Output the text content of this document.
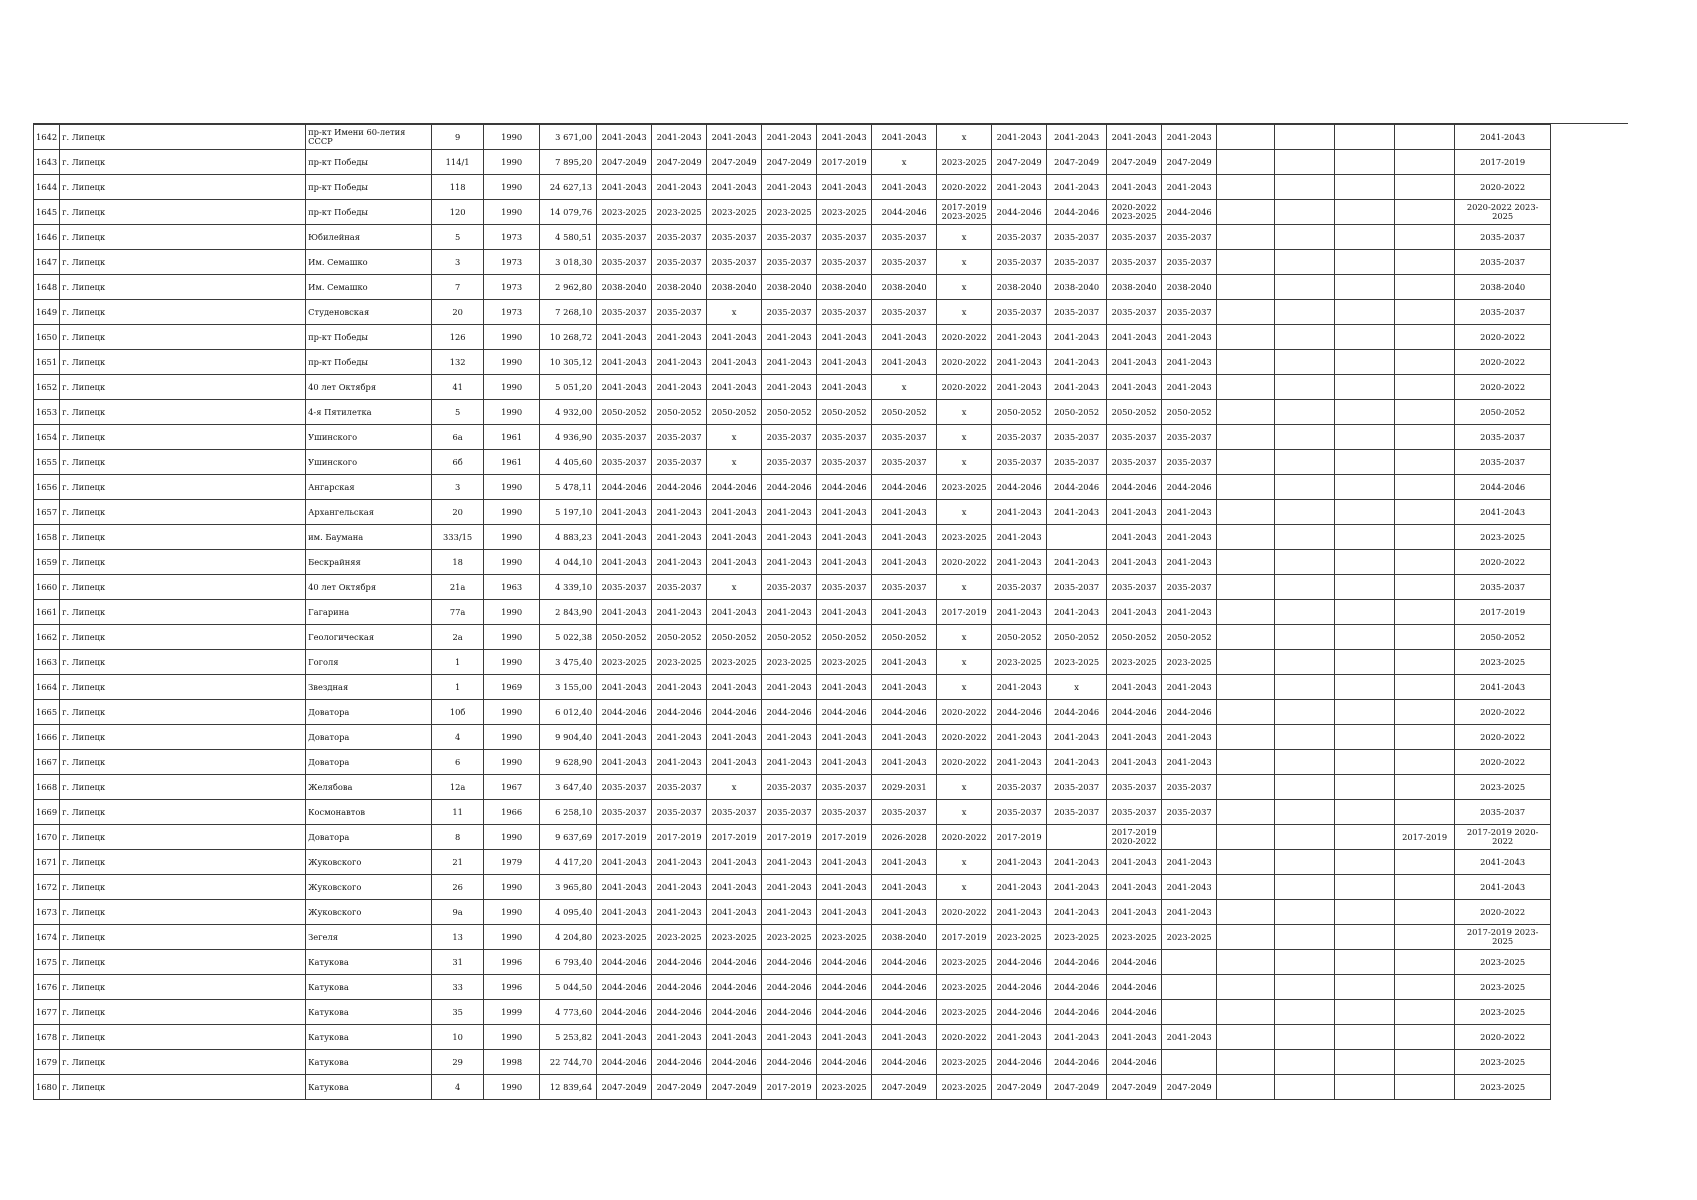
1642	г. Липецк	пр-кт Имени 60-летия СССР	9	1990	3 671,00	2041-2043	2041-2043	2041-2043	2041-2043	2041-2043	2041-2043	х	2041-2043	2041-2043	2041-2043	2041-2043					2041-2043
1643	г. Липецк	пр-кт Победы	114/1	1990	7 895,20	2047-2049	2047-2049	2047-2049	2047-2049	2017-2019	х	2023-2025	2047-2049	2047-2049	2047-2049	2047-2049					2017-2019
1644	г. Липецк	пр-кт Победы	118	1990	24 627,13	2041-2043	2041-2043	2041-2043	2041-2043	2041-2043	2041-2043	2020-2022	2041-2043	2041-2043	2041-2043	2041-2043					2020-2022
1645	г. Липецк	пр-кт Победы	120	1990	14 079,76	2023-2025	2023-2025	2023-2025	2023-2025	2023-2025	2044-2046	2017-2019 2023-2025	2044-2046	2044-2046	2020-2022 2023-2025	2044-2046					2020-2022 2023-2025
1646	г. Липецк	Юбилейная	5	1973	4 580,51	2035-2037	2035-2037	2035-2037	2035-2037	2035-2037	2035-2037	х	2035-2037	2035-2037	2035-2037	2035-2037					2035-2037
1647	г. Липецк	Им. Семашко	3	1973	3 018,30	2035-2037	2035-2037	2035-2037	2035-2037	2035-2037	2035-2037	х	2035-2037	2035-2037	2035-2037	2035-2037					2035-2037
1648	г. Липецк	Им. Семашко	7	1973	2 962,80	2038-2040	2038-2040	2038-2040	2038-2040	2038-2040	2038-2040	х	2038-2040	2038-2040	2038-2040	2038-2040					2038-2040
1649	г. Липецк	Студеновская	20	1973	7 268,10	2035-2037	2035-2037	х	2035-2037	2035-2037	2035-2037	х	2035-2037	2035-2037	2035-2037	2035-2037					2035-2037
1650	г. Липецк	пр-кт Победы	126	1990	10 268,72	2041-2043	2041-2043	2041-2043	2041-2043	2041-2043	2041-2043	2020-2022	2041-2043	2041-2043	2041-2043	2041-2043					2020-2022
1651	г. Липецк	пр-кт Победы	132	1990	10 305,12	2041-2043	2041-2043	2041-2043	2041-2043	2041-2043	2041-2043	2020-2022	2041-2043	2041-2043	2041-2043	2041-2043					2020-2022
1652	г. Липецк	40 лет Октября	41	1990	5 051,20	2041-2043	2041-2043	2041-2043	2041-2043	2041-2043	х	2020-2022	2041-2043	2041-2043	2041-2043	2041-2043					2020-2022
1653	г. Липецк	4-я Пятилетка	5	1990	4 932,00	2050-2052	2050-2052	2050-2052	2050-2052	2050-2052	2050-2052	х	2050-2052	2050-2052	2050-2052	2050-2052					2050-2052
1654	г. Липецк	Ушинского	6а	1961	4 936,90	2035-2037	2035-2037	х	2035-2037	2035-2037	2035-2037	х	2035-2037	2035-2037	2035-2037	2035-2037					2035-2037
1655	г. Липецк	Ушинского	6б	1961	4 405,60	2035-2037	2035-2037	х	2035-2037	2035-2037	2035-2037	х	2035-2037	2035-2037	2035-2037	2035-2037					2035-2037
1656	г. Липецк	Ангарская	3	1990	5 478,11	2044-2046	2044-2046	2044-2046	2044-2046	2044-2046	2044-2046	2023-2025	2044-2046	2044-2046	2044-2046	2044-2046					2044-2046
1657	г. Липецк	Архангельская	20	1990	5 197,10	2041-2043	2041-2043	2041-2043	2041-2043	2041-2043	2041-2043	х	2041-2043	2041-2043	2041-2043	2041-2043					2041-2043
1658	г. Липецк	им. Баумана	333/15	1990	4 883,23	2041-2043	2041-2043	2041-2043	2041-2043	2041-2043	2041-2043	2023-2025	2041-2043		2041-2043	2041-2043					2023-2025
1659	г. Липецк	Бескрайняя	18	1990	4 044,10	2041-2043	2041-2043	2041-2043	2041-2043	2041-2043	2041-2043	2020-2022	2041-2043	2041-2043	2041-2043	2041-2043					2020-2022
1660	г. Липецк	40 лет Октября	21а	1963	4 339,10	2035-2037	2035-2037	х	2035-2037	2035-2037	2035-2037	х	2035-2037	2035-2037	2035-2037	2035-2037					2035-2037
1661	г. Липецк	Гагарина	77а	1990	2 843,90	2041-2043	2041-2043	2041-2043	2041-2043	2041-2043	2041-2043	2017-2019	2041-2043	2041-2043	2041-2043	2041-2043					2017-2019
1662	г. Липецк	Геологическая	2а	1990	5 022,38	2050-2052	2050-2052	2050-2052	2050-2052	2050-2052	2050-2052	х	2050-2052	2050-2052	2050-2052	2050-2052					2050-2052
1663	г. Липецк	Гоголя	1	1990	3 475,40	2023-2025	2023-2025	2023-2025	2023-2025	2023-2025	2041-2043	х	2023-2025	2023-2025	2023-2025	2023-2025					2023-2025
1664	г. Липецк	Звездная	1	1969	3 155,00	2041-2043	2041-2043	2041-2043	2041-2043	2041-2043	2041-2043	х	2041-2043	х	2041-2043	2041-2043					2041-2043
1665	г. Липецк	Доватора	10б	1990	6 012,40	2044-2046	2044-2046	2044-2046	2044-2046	2044-2046	2044-2046	2020-2022	2044-2046	2044-2046	2044-2046	2044-2046					2020-2022
1666	г. Липецк	Доватора	4	1990	9 904,40	2041-2043	2041-2043	2041-2043	2041-2043	2041-2043	2041-2043	2020-2022	2041-2043	2041-2043	2041-2043	2041-2043					2020-2022
1667	г. Липецк	Доватора	6	1990	9 628,90	2041-2043	2041-2043	2041-2043	2041-2043	2041-2043	2041-2043	2020-2022	2041-2043	2041-2043	2041-2043	2041-2043					2020-2022
1668	г. Липецк	Желябова	12а	1967	3 647,40	2035-2037	2035-2037	х	2035-2037	2035-2037	2029-2031	х	2035-2037	2035-2037	2035-2037	2035-2037					2023-2025
1669	г. Липецк	Космонавтов	11	1966	6 258,10	2035-2037	2035-2037	2035-2037	2035-2037	2035-2037	2035-2037	х	2035-2037	2035-2037	2035-2037	2035-2037					2035-2037
1670	г. Липецк	Доватора	8	1990	9 637,69	2017-2019	2017-2019	2017-2019	2017-2019	2017-2019	2026-2028	2020-2022	2017-2019		2017-2019 2020-2022					2017-2019	2017-2019 2020-2022
1671	г. Липецк	Жуковского	21	1979	4 417,20	2041-2043	2041-2043	2041-2043	2041-2043	2041-2043	2041-2043	х	2041-2043	2041-2043	2041-2043	2041-2043					2041-2043
1672	г. Липецк	Жуковского	26	1990	3 965,80	2041-2043	2041-2043	2041-2043	2041-2043	2041-2043	2041-2043	х	2041-2043	2041-2043	2041-2043	2041-2043					2041-2043
1673	г. Липецк	Жуковского	9а	1990	4 095,40	2041-2043	2041-2043	2041-2043	2041-2043	2041-2043	2041-2043	2020-2022	2041-2043	2041-2043	2041-2043	2041-2043					2020-2022
1674	г. Липецк	Зегеля	13	1990	4 204,80	2023-2025	2023-2025	2023-2025	2023-2025	2023-2025	2038-2040	2017-2019	2023-2025	2023-2025	2023-2025	2023-2025					2017-2019 2023-2025
1675	г. Липецк	Катукова	31	1996	6 793,40	2044-2046	2044-2046	2044-2046	2044-2046	2044-2046	2044-2046	2023-2025	2044-2046	2044-2046	2044-2046						2023-2025
1676	г. Липецк	Катукова	33	1996	5 044,50	2044-2046	2044-2046	2044-2046	2044-2046	2044-2046	2044-2046	2023-2025	2044-2046	2044-2046	2044-2046						2023-2025
1677	г. Липецк	Катукова	35	1999	4 773,60	2044-2046	2044-2046	2044-2046	2044-2046	2044-2046	2044-2046	2023-2025	2044-2046	2044-2046	2044-2046						2023-2025
1678	г. Липецк	Катукова	10	1990	5 253,82	2041-2043	2041-2043	2041-2043	2041-2043	2041-2043	2041-2043	2020-2022	2041-2043	2041-2043	2041-2043	2041-2043					2020-2022
1679	г. Липецк	Катукова	29	1998	22 744,70	2044-2046	2044-2046	2044-2046	2044-2046	2044-2046	2044-2046	2023-2025	2044-2046	2044-2046	2044-2046						2023-2025
1680	г. Липецк	Катукова	4	1990	12 839,64	2047-2049	2047-2049	2047-2049	2017-2019	2023-2025	2047-2049	2023-2025	2047-2049	2047-2049	2047-2049	2047-2049					2023-2025
